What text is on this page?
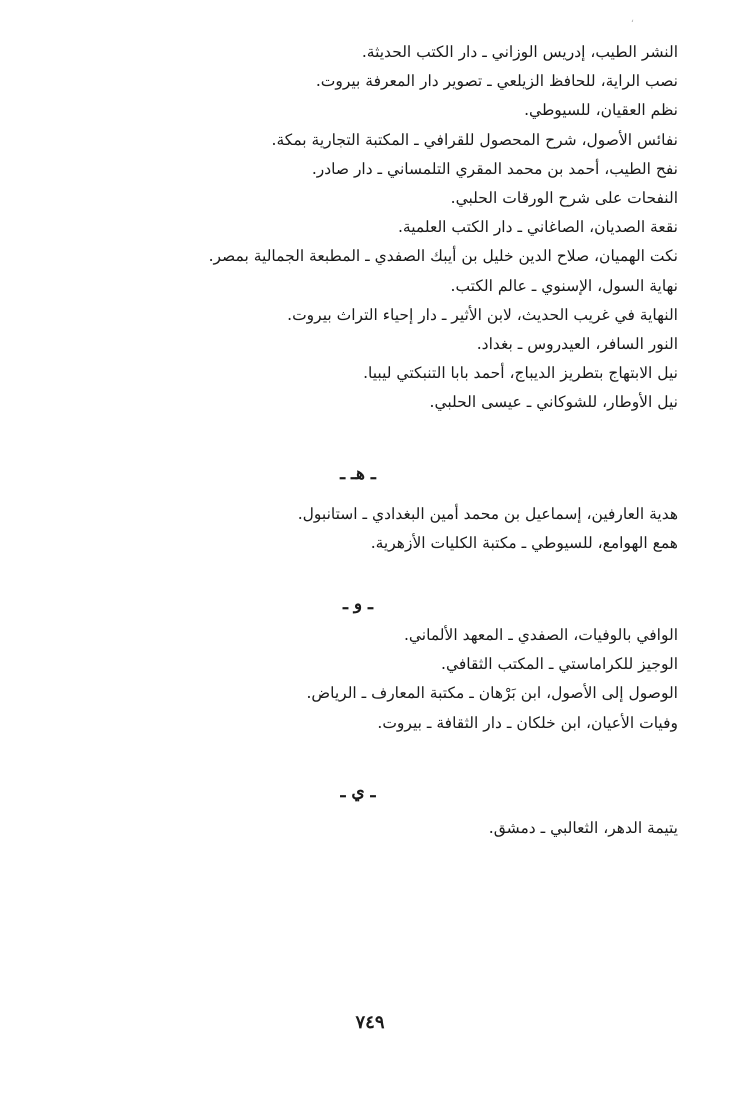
،
النشر الطيب، إدريس الوزاني ـ دار الكتب الحديثة.
نصب الراية، للحافظ الزيلعي ـ تصوير دار المعرفة بيروت.
نظم العقيان، للسيوطي.
نفائس الأصول، شرح المحصول للقرافي ـ المكتبة التجارية بمكة.
نفح الطيب، أحمد بن محمد المقري التلمساني ـ دار صادر.
النفحات على شرح الورقات الحلبي.
نقعة الصديان، الصاغاني ـ دار الكتب العلمية.
نكت الهميان، صلاح الدين خليل بن أيبك الصفدي ـ المطبعة الجمالية بمصر.
نهاية السول، الإسنوي ـ عالم الكتب.
النهاية في غريب الحديث، لابن الأثير ـ دار إحياء التراث بيروت.
النور السافر، العيدروس ـ بغداد.
نيل الابتهاج بتطريز الديباج، أحمد بابا التنبكتي ليبيا.
نيل الأوطار، للشوكاني ـ عيسى الحلبي.
ـ هـ ـ
هدية العارفين، إسماعيل بن محمد أمين البغدادي ـ استانبول.
همع الهوامع، للسيوطي ـ مكتبة الكليات الأزهرية.
ـ و ـ
الوافي بالوفيات، الصفدي ـ المعهد الألماني.
الوجيز للكراماستي ـ المكتب الثقافي.
الوصول إلى الأصول، ابن بَرْهان ـ مكتبة المعارف ـ الرياض.
وفيات الأعيان، ابن خلكان ـ دار الثقافة ـ بيروت.
ـ ي ـ
يتيمة الدهر، الثعالبي ـ دمشق.
٧٤٩
